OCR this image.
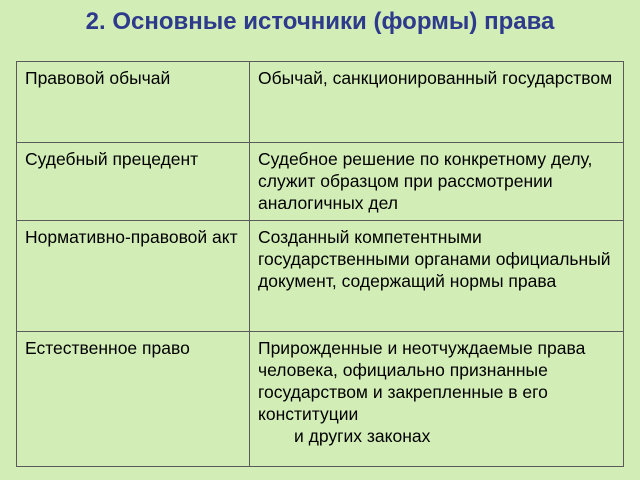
2. Основные источники (формы) права
Правовой обычай	Обычай, санкционированный государством
Судебный прецедент	Судебное решение по конкретному делу, служит образцом при рассмотрении аналогичных дел
Нормативно-правовой акт	Созданный компетентными государственными органами официальный документ, содержащий нормы права
Естественное право	Прирожденные и неотчуждаемые права человека, официально признанные государством и закрепленные в его конституции
и других законах
